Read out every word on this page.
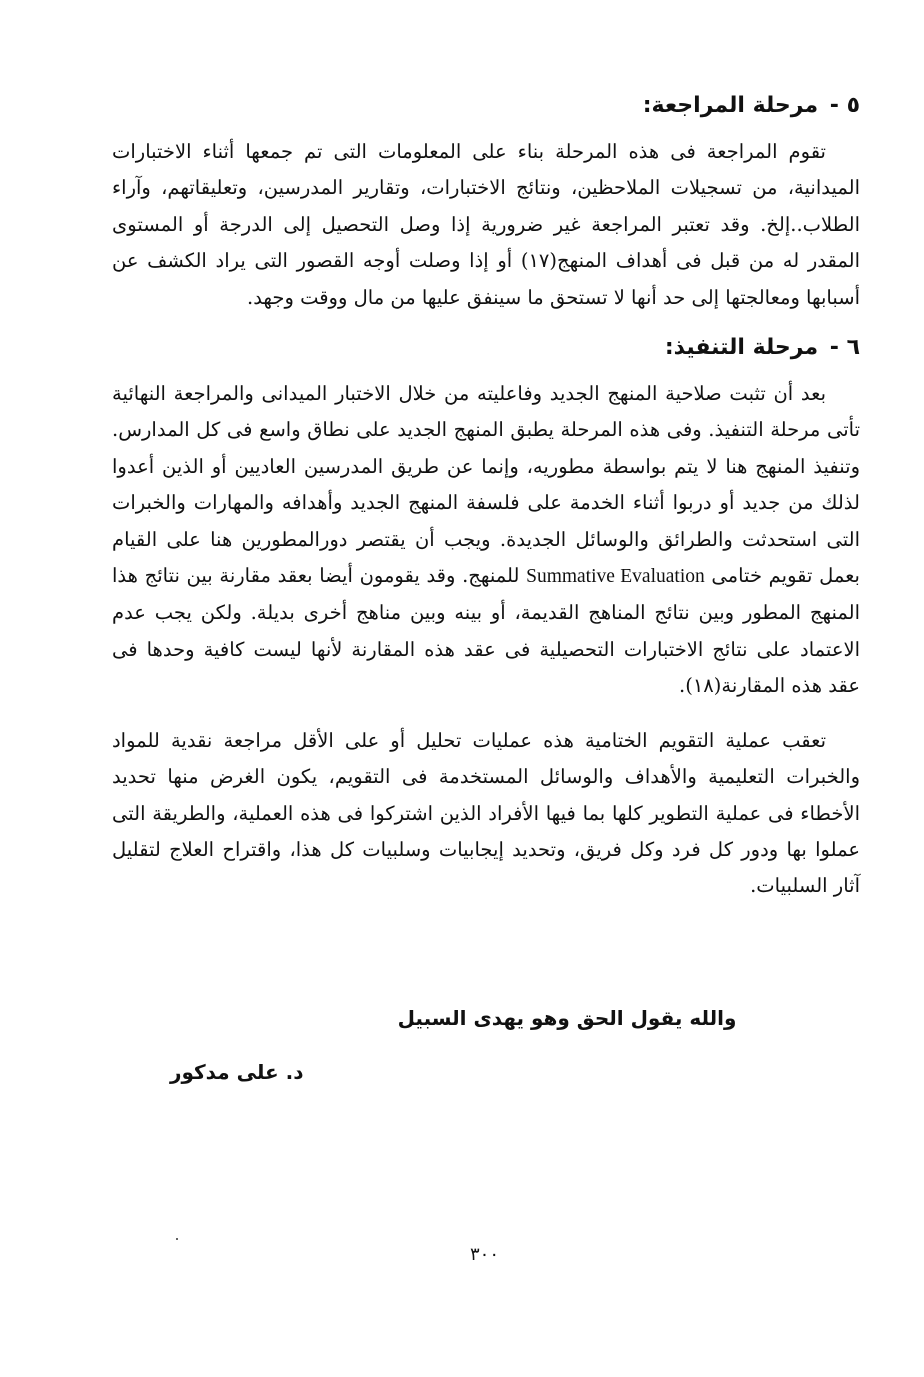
٥ - مرحلة المراجعة:

تقوم المراجعة فى هذه المرحلة بناء على المعلومات التى تم جمعها أثناء الاختبارات الميدانية، من تسجيلات الملاحظين، ونتائج الاختبارات، وتقارير المدرسين، وتعليقاتهم، وآراء الطلاب..إلخ. وقد تعتبر المراجعة غير ضرورية إذا وصل التحصيل إلى الدرجة أو المستوى المقدر له من قبل فى أهداف المنهج(١٧) أو إذا وصلت أوجه القصور التى يراد الكشف عن أسبابها ومعالجتها إلى حد أنها لا تستحق ما سينفق عليها من مال ووقت وجهد.

٦ - مرحلة التنفيذ:

بعد أن تثبت صلاحية المنهج الجديد وفاعليته من خلال الاختبار الميدانى والمراجعة النهائية تأتى مرحلة التنفيذ. وفى هذه المرحلة يطبق المنهج الجديد على نطاق واسع فى كل المدارس. وتنفيذ المنهج هنا لا يتم بواسطة مطوريه، وإنما عن طريق المدرسين العاديين أو الذين أعدوا لذلك من جديد أو دربوا أثناء الخدمة على فلسفة المنهج الجديد وأهدافه والمهارات والخبرات التى استحدثت والطرائق والوسائل الجديدة. ويجب أن يقتصر دورالمطورين هنا على القيام بعمل تقويم ختامى Summative Evaluation للمنهج. وقد يقومون أيضا بعقد مقارنة بين نتائج هذا المنهج المطور وبين نتائج المناهج القديمة، أو بينه وبين مناهج أخرى بديلة. ولكن يجب عدم الاعتماد على نتائج الاختبارات التحصيلية فى عقد هذه المقارنة لأنها ليست كافية وحدها فى عقد هذه المقارنة(١٨).

تعقب عملية التقويم الختامية هذه عمليات تحليل أو على الأقل مراجعة نقدية للمواد والخبرات التعليمية والأهداف والوسائل المستخدمة فى التقويم، يكون الغرض منها تحديد الأخطاء فى عملية التطوير كلها بما فيها الأفراد الذين اشتركوا فى هذه العملية، والطريقة التى عملوا بها ودور كل فرد وكل فريق، وتحديد إيجابيات وسلبيات كل هذا، واقتراح العلاج لتقليل آثار السلبيات.

والله يقول الحق وهو يهدى السبيل
د. على مدكور
٣٠٠
